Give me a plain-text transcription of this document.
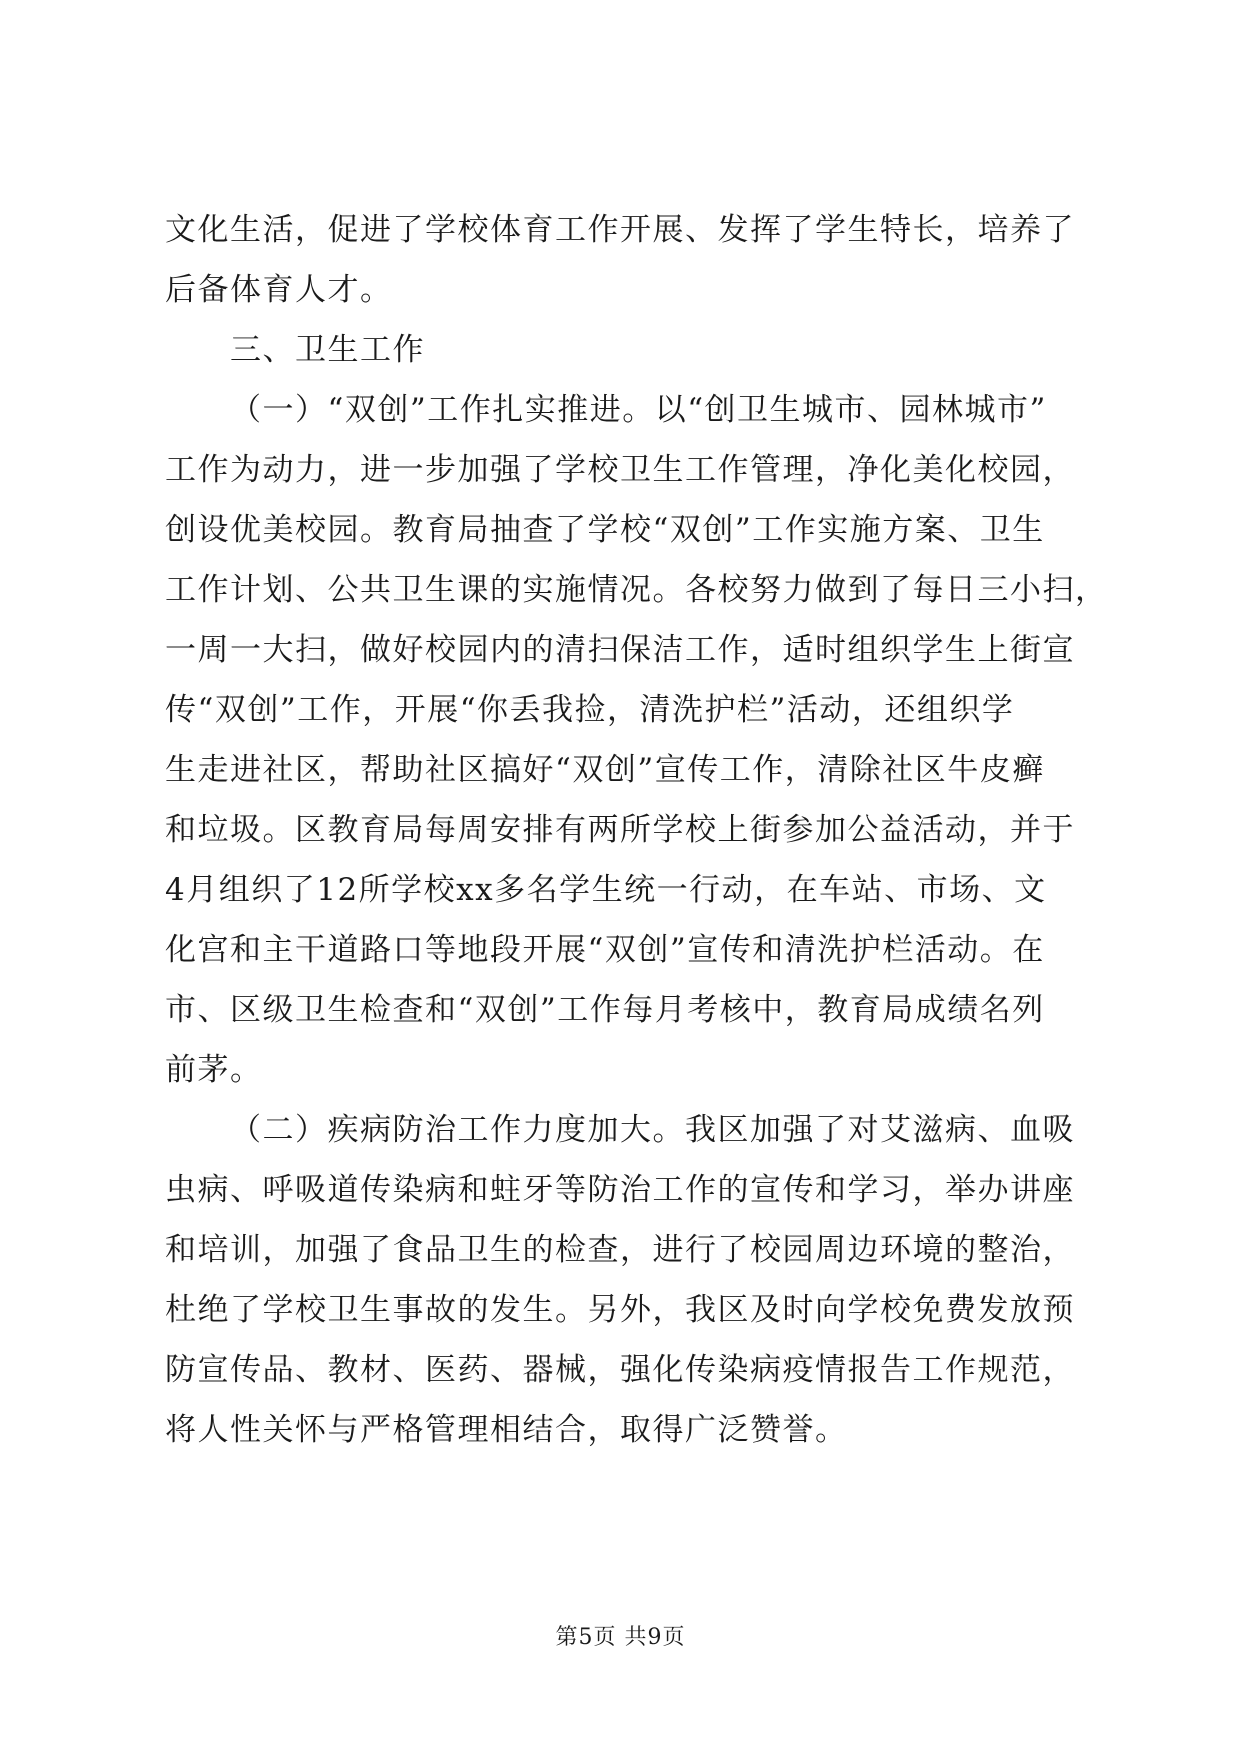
文化生活，促进了学校体育工作开展、发挥了学生特长，培养了
后备体育人才。
三、卫生工作
（一）“双创”工作扎实推进。以“创卫生城市、园林城市”
工作为动力，进一步加强了学校卫生工作管理，净化美化校园，
创设优美校园。教育局抽查了学校“双创”工作实施方案、卫生
工作计划、公共卫生课的实施情况。各校努力做到了每日三小扫，
一周一大扫，做好校园内的清扫保洁工作，适时组织学生上街宣
传“双创”工作，开展“你丢我捡，清洗护栏”活动，还组织学
生走进社区，帮助社区搞好“双创”宣传工作，清除社区牛皮癣
和垃圾。区教育局每周安排有两所学校上街参加公益活动，并于
4月组织了12所学校xx多名学生统一行动，在车站、市场、文
化宫和主干道路口等地段开展“双创”宣传和清洗护栏活动。在
市、区级卫生检查和“双创”工作每月考核中，教育局成绩名列
前茅。
（二）疾病防治工作力度加大。我区加强了对艾滋病、血吸
虫病、呼吸道传染病和蛀牙等防治工作的宣传和学习，举办讲座
和培训，加强了食品卫生的检查，进行了校园周边环境的整治，
杜绝了学校卫生事故的发生。另外，我区及时向学校免费发放预
防宣传品、教材、医药、器械，强化传染病疫情报告工作规范，
将人性关怀与严格管理相结合，取得广泛赞誉。
第5页 共9页
